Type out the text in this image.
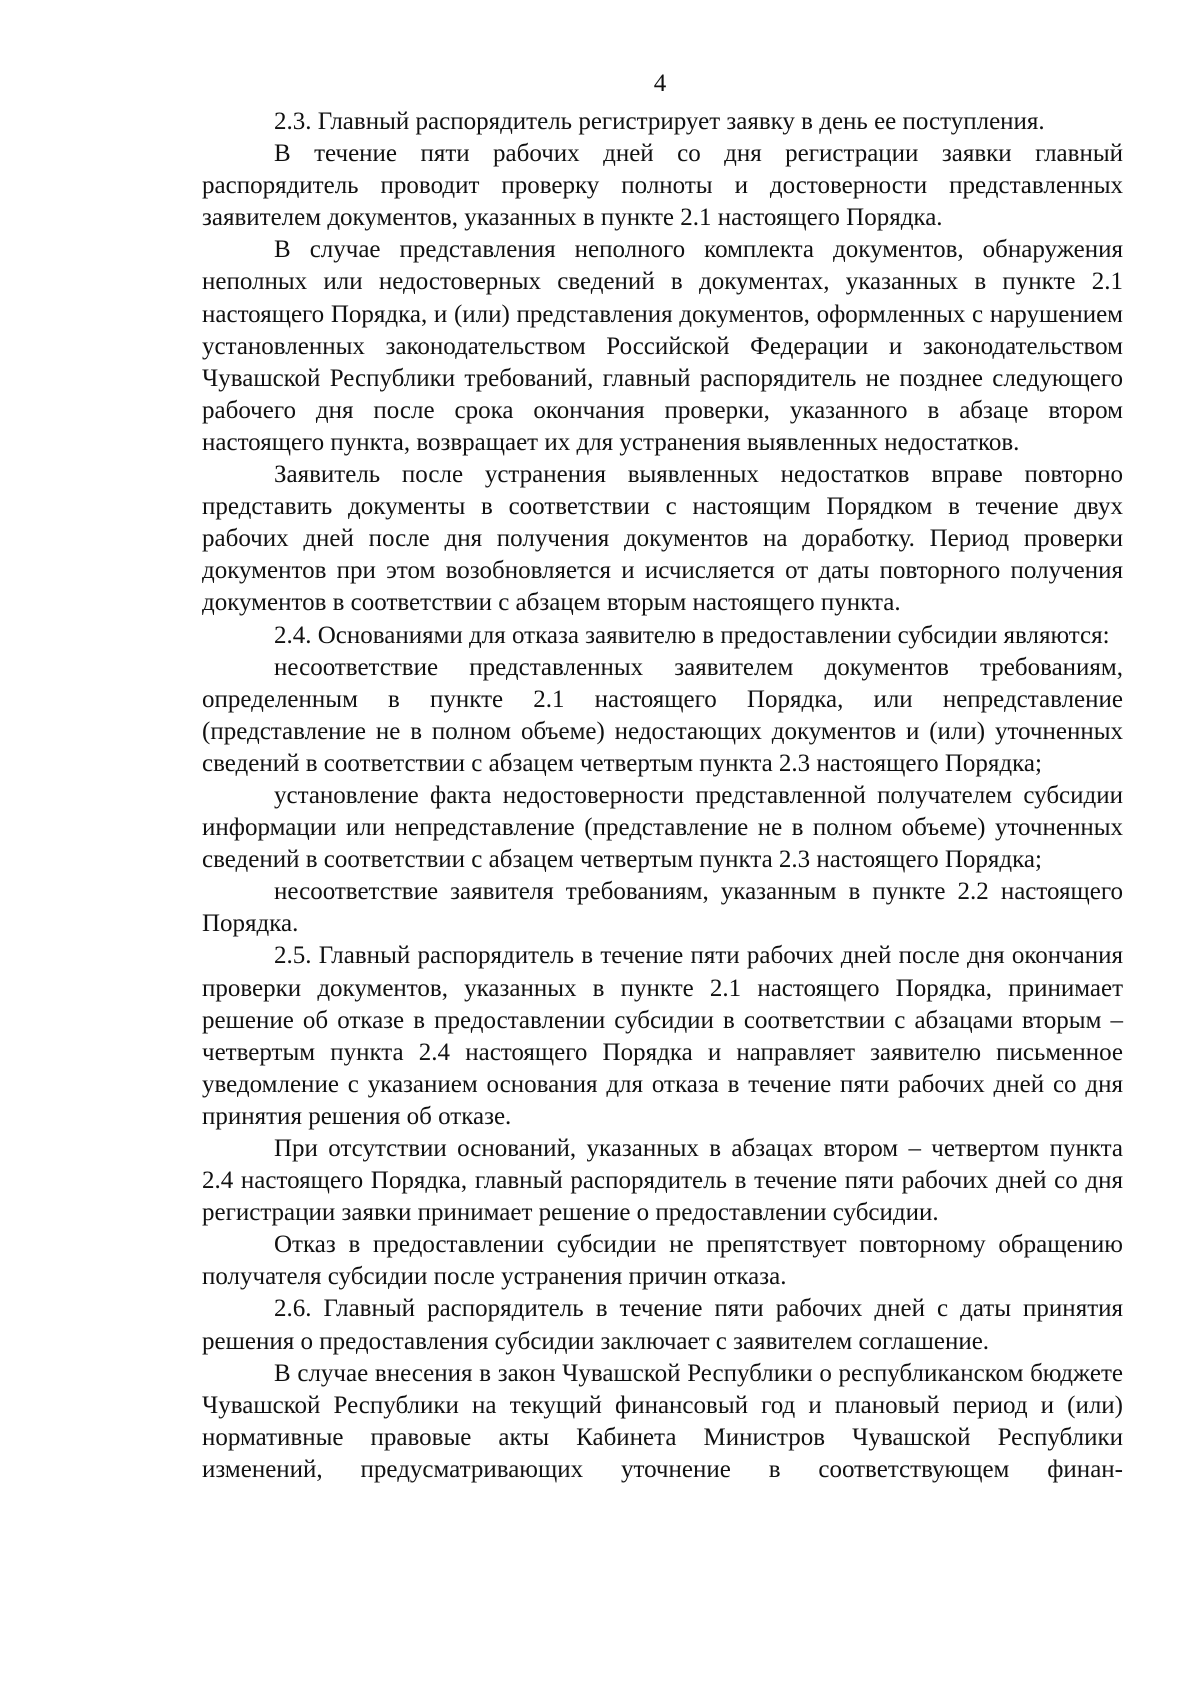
4

2.3. Главный распорядитель регистрирует заявку в день ее поступления.

В течение пяти рабочих дней со дня регистрации заявки главный распорядитель проводит проверку полноты и достоверности представленных заявителем документов, указанных в пункте 2.1 настоящего Порядка.

В случае представления неполного комплекта документов, обнаружения неполных или недостоверных сведений в документах, указанных в пункте 2.1 настоящего Порядка, и (или) представления документов, оформленных с нарушением установленных законодательством Российской Федерации и законодательством Чувашской Республики требований, главный распорядитель не позднее следующего рабочего дня после срока окончания проверки, указанного в абзаце втором настоящего пункта, возвращает их для устранения выявленных недостатков.

Заявитель после устранения выявленных недостатков вправе повторно представить документы в соответствии с настоящим Порядком в течение двух рабочих дней после дня получения документов на доработку. Период проверки документов при этом возобновляется и исчисляется от даты повторного получения документов в соответствии с абзацем вторым настоящего пункта.

2.4. Основаниями для отказа заявителю в предоставлении субсидии являются:

несоответствие представленных заявителем документов требованиям, определенным в пункте 2.1 настоящего Порядка, или непредставление (представление не в полном объеме) недостающих документов и (или) уточненных сведений в соответствии с абзацем четвертым пункта 2.3 настоящего Порядка;

установление факта недостоверности представленной получателем субсидии информации или непредставление (представление не в полном объеме) уточненных сведений в соответствии с абзацем четвертым пункта 2.3 настоящего Порядка;

несоответствие заявителя требованиям, указанным в пункте 2.2 настоящего Порядка.

2.5. Главный распорядитель в течение пяти рабочих дней после дня окончания проверки документов, указанных в пункте 2.1 настоящего Порядка, принимает решение об отказе в предоставлении субсидии в соответствии с абзацами вторым – четвертым пункта 2.4 настоящего Порядка и направляет заявителю письменное уведомление с указанием основания для отказа в течение пяти рабочих дней со дня принятия решения об отказе.

При отсутствии оснований, указанных в абзацах втором – четвертом пункта 2.4 настоящего Порядка, главный распорядитель в течение пяти рабочих дней со дня регистрации заявки принимает решение о предоставлении субсидии.

Отказ в предоставлении субсидии не препятствует повторному обращению получателя субсидии после устранения причин отказа.

2.6. Главный распорядитель в течение пяти рабочих дней с даты принятия решения о предоставления субсидии заключает с заявителем соглашение.

В случае внесения в закон Чувашской Республики о республиканском бюджете Чувашской Республики на текущий финансовый год и плановый период и (или) нормативные правовые акты Кабинета Министров Чувашской Республики изменений, предусматривающих уточнение в соответствующем финан-
